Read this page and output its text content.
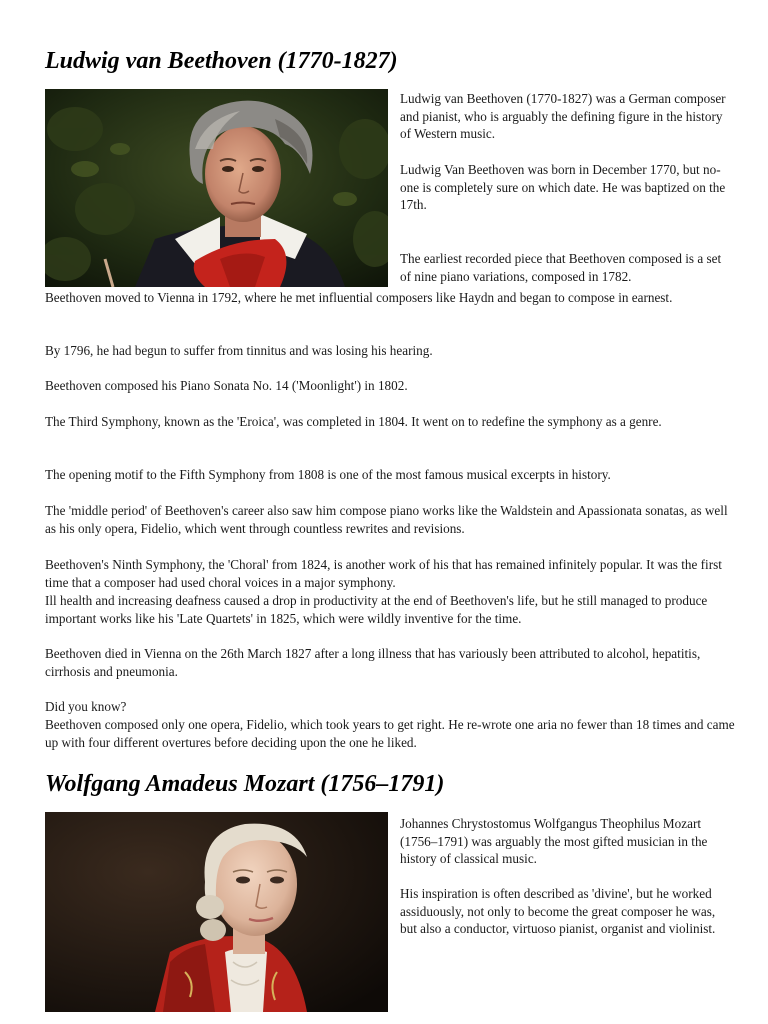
Ludwig van Beethoven (1770-1827)

Ludwig van Beethoven (1770-1827) was a German composer and pianist, who is arguably the defining figure in the history of Western music.

Ludwig Van Beethoven was born in December 1770, but no-one is completely sure on which date. He was baptized on the 17th.

The earliest recorded piece that Beethoven composed is a set of nine piano variations, composed in 1782.

Beethoven moved to Vienna in 1792, where he met influential composers like Haydn and began to compose in earnest.

By 1796, he had begun to suffer from tinnitus and was losing his hearing.

Beethoven composed his Piano Sonata No. 14 ('Moonlight') in 1802.

The Third Symphony, known as the 'Eroica', was completed in 1804. It went on to redefine the symphony as a genre.

The opening motif to the Fifth Symphony from 1808 is one of the most famous musical excerpts in history.

The 'middle period' of Beethoven's career also saw him compose piano works like the Waldstein and Apassionata sonatas, as well as his only opera, Fidelio, which went through countless rewrites and revisions.

Beethoven's Ninth Symphony, the 'Choral' from 1824, is another work of his that has remained infinitely popular. It was the first time that a composer had used choral voices in a major symphony.

Ill health and increasing deafness caused a drop in productivity at the end of Beethoven's life, but he still managed to produce important works like his 'Late Quartets' in 1825, which were wildly inventive for the time.

Beethoven died in Vienna on the 26th March 1827 after a long illness that has variously been attributed to alcohol, hepatitis, cirrhosis and pneumonia.

Did you know?

Beethoven composed only one opera, Fidelio, which took years to get right. He re-wrote one aria no fewer than 18 times and came up with four different overtures before deciding upon the one he liked.

Wolfgang Amadeus Mozart (1756–1791)

Johannes Chrystostomus Wolfgangus Theophilus Mozart (1756–1791) was arguably the most gifted musician in the history of classical music.

His inspiration is often described as 'divine', but he worked assiduously, not only to become the great composer he was, but also a conductor, virtuoso pianist, organist and violinist.
